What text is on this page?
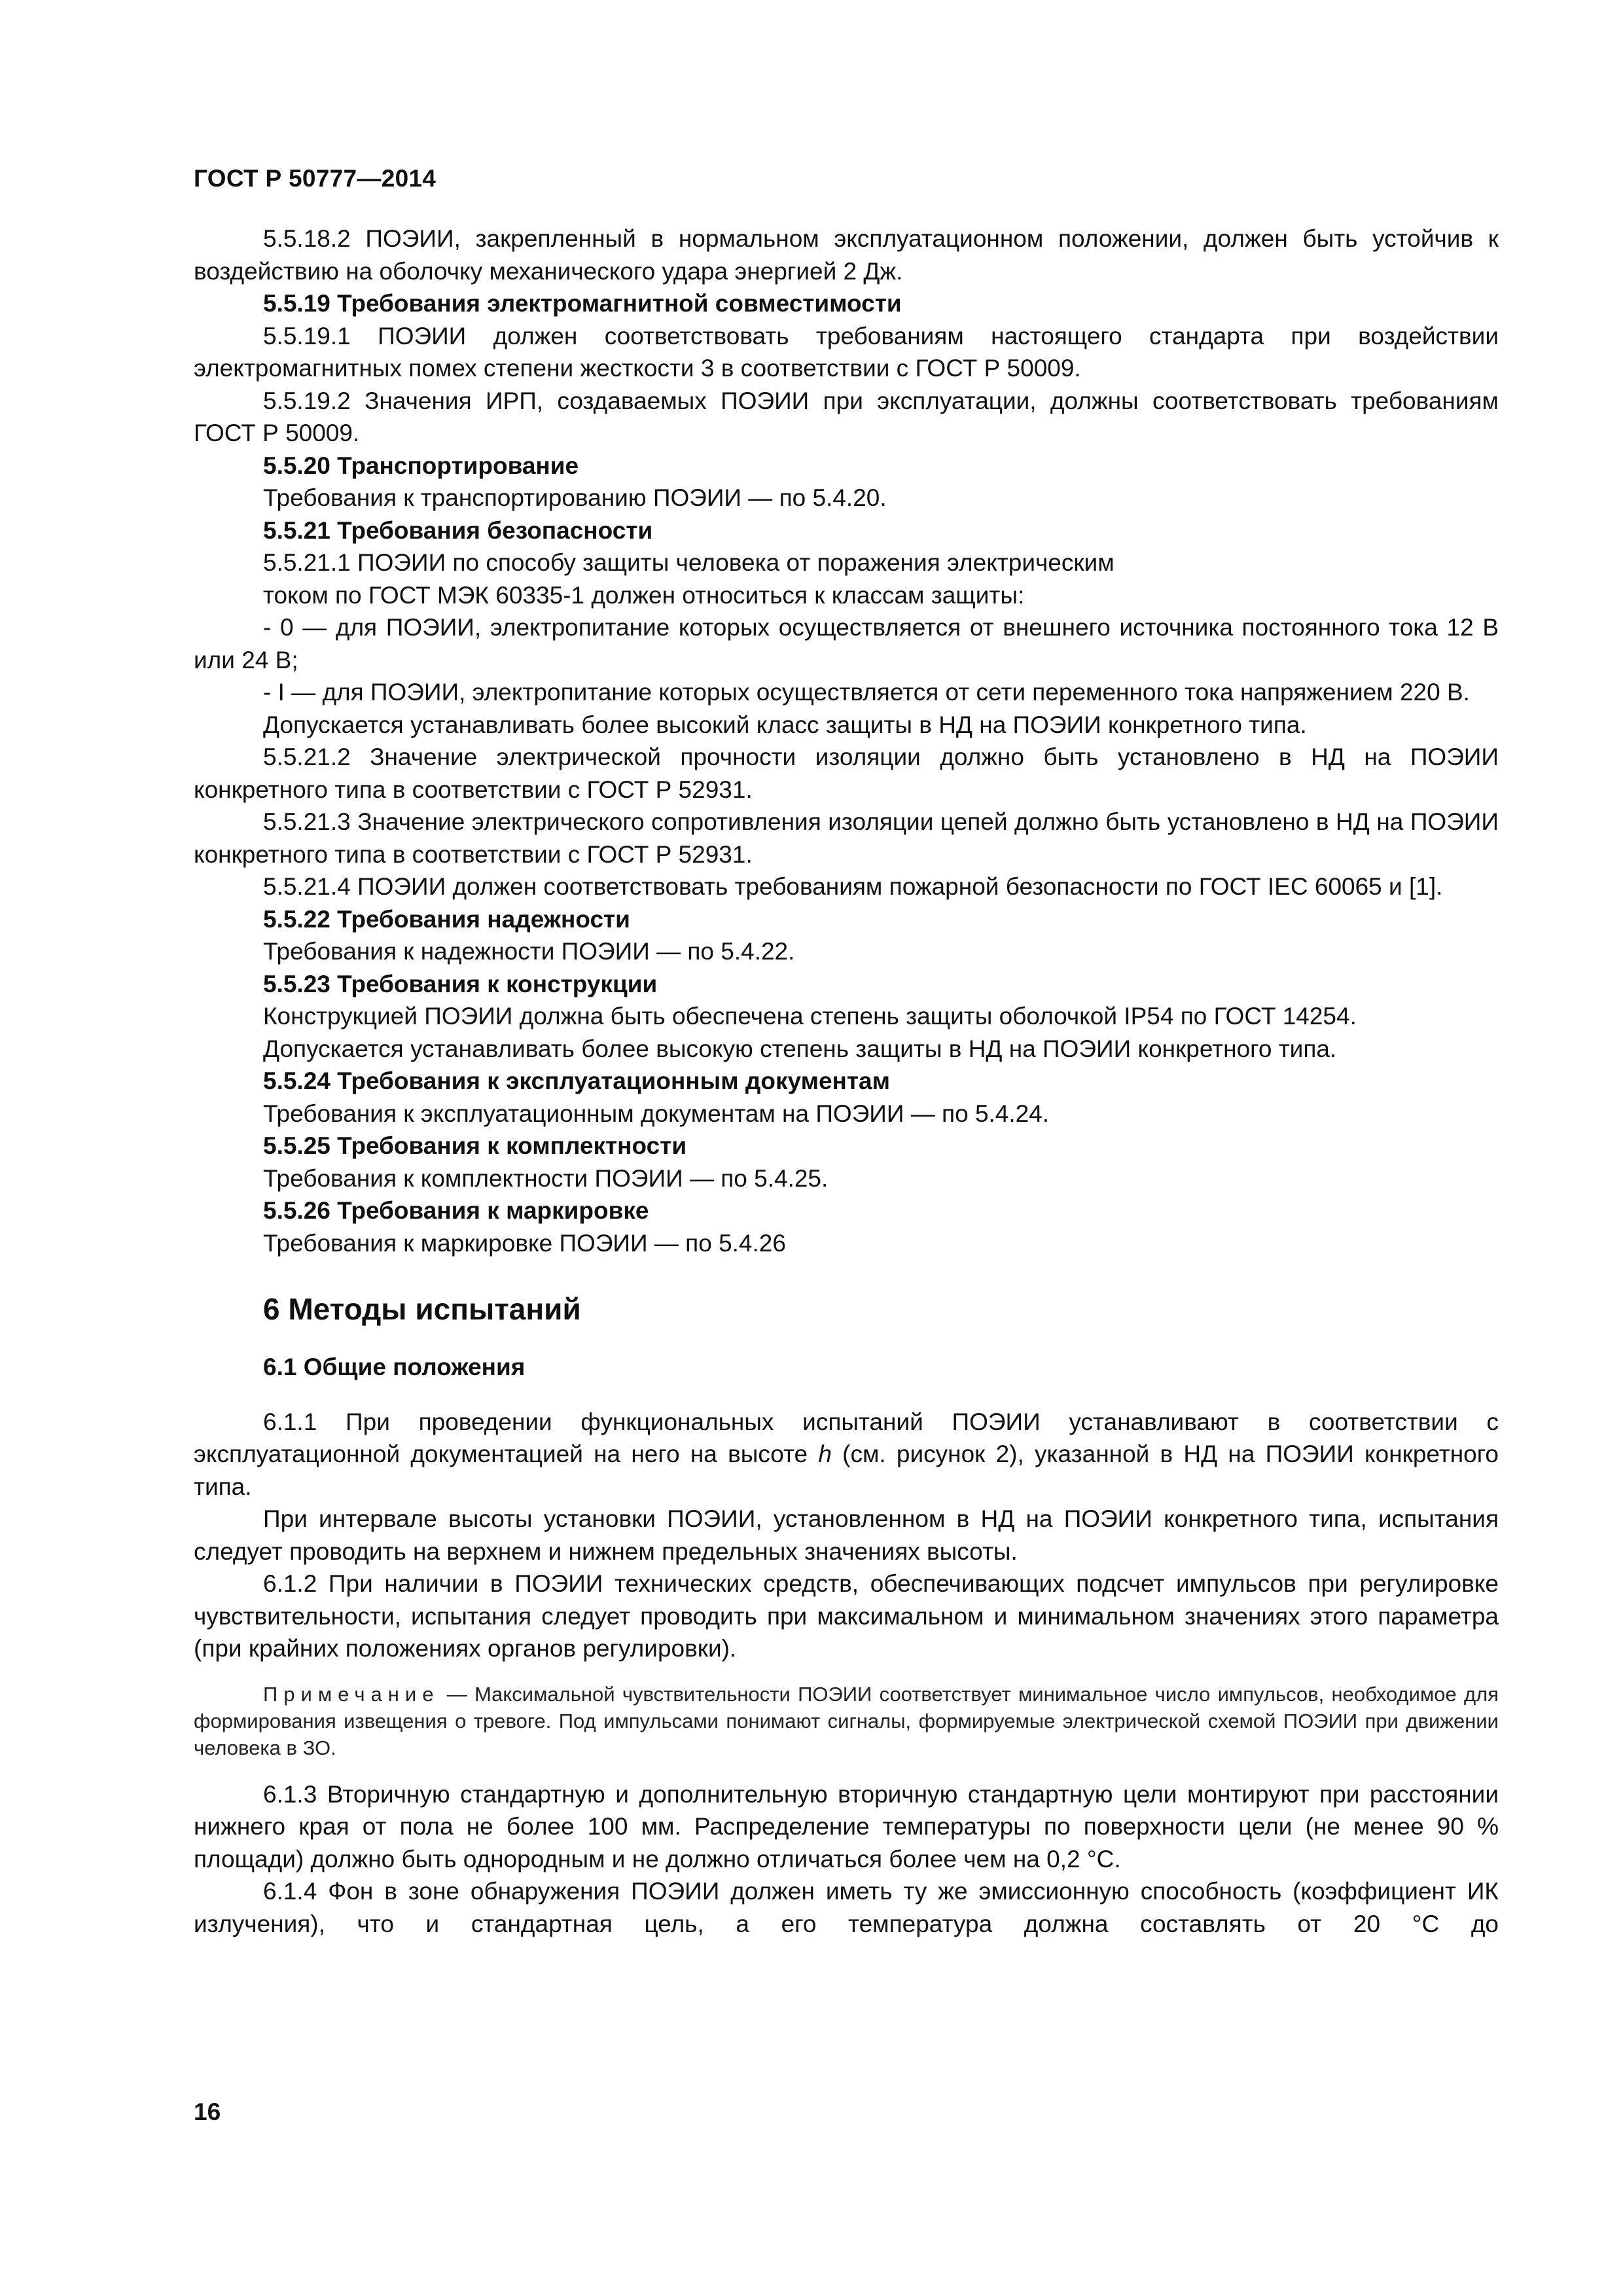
ГОСТ Р 50777—2014

5.5.18.2 ПОЭИИ, закрепленный в нормальном эксплуатационном положении, должен быть устойчив к воздействию на оболочку механического удара энергией 2 Дж.

5.5.19 Требования электромагнитной совместимости

5.5.19.1 ПОЭИИ должен соответствовать требованиям настоящего стандарта при воздействии электромагнитных помех степени жесткости 3 в соответствии с ГОСТ Р 50009.

5.5.19.2 Значения ИРП, создаваемых ПОЭИИ при эксплуатации, должны соответствовать требованиям ГОСТ Р 50009.

5.5.20 Транспортирование

Требования к транспортированию ПОЭИИ — по 5.4.20.

5.5.21 Требования безопасности

5.5.21.1 ПОЭИИ по способу защиты человека от поражения электрическим

током по ГОСТ МЭК 60335-1 должен относиться к классам защиты:

- 0 — для ПОЭИИ, электропитание которых осуществляется от внешнего источника постоянного тока 12 В или 24 В;

- I — для ПОЭИИ, электропитание которых осуществляется от сети переменного тока напряжением 220 В.

Допускается устанавливать более высокий класс защиты в НД на ПОЭИИ конкретного типа.

5.5.21.2 Значение электрической прочности изоляции должно быть установлено в НД на ПОЭИИ конкретного типа в соответствии с ГОСТ Р 52931.

5.5.21.3 Значение электрического сопротивления изоляции цепей должно быть установлено в НД на ПОЭИИ конкретного типа в соответствии с ГОСТ Р 52931.

5.5.21.4 ПОЭИИ должен соответствовать требованиям пожарной безопасности по ГОСТ IEC 60065 и [1].

5.5.22 Требования надежности

Требования к надежности ПОЭИИ — по 5.4.22.

5.5.23 Требования к конструкции

Конструкцией ПОЭИИ должна быть обеспечена степень защиты оболочкой IP54 по ГОСТ 14254.

Допускается устанавливать более высокую степень защиты в НД на ПОЭИИ конкретного типа.

5.5.24 Требования к эксплуатационным документам

Требования к эксплуатационным документам на ПОЭИИ — по 5.4.24.

5.5.25 Требования к комплектности

Требования к комплектности ПОЭИИ — по 5.4.25.

5.5.26 Требования к маркировке

Требования к маркировке ПОЭИИ — по 5.4.26

6 Методы испытаний

6.1 Общие положения

6.1.1 При проведении функциональных испытаний ПОЭИИ устанавливают в соответствии с эксплуатационной документацией на него на высоте h (см. рисунок 2), указанной в НД на ПОЭИИ конкретного типа.

При интервале высоты установки ПОЭИИ, установленном в НД на ПОЭИИ конкретного типа, испытания следует проводить на верхнем и нижнем предельных значениях высоты.

6.1.2 При наличии в ПОЭИИ технических средств, обеспечивающих подсчет импульсов при регулировке чувствительности, испытания следует проводить при максимальном и минимальном значениях этого параметра (при крайних положениях органов регулировки).

Примечание — Максимальной чувствительности ПОЭИИ соответствует минимальное число импульсов, необходимое для формирования извещения о тревоге. Под импульсами понимают сигналы, формируемые электрической схемой ПОЭИИ при движении человека в ЗО.

6.1.3 Вторичную стандартную и дополнительную вторичную стандартную цели монтируют при расстоянии нижнего края от пола не более 100 мм. Распределение температуры по поверхности цели (не менее 90 % площади) должно быть однородным и не должно отличаться более чем на 0,2 °С.

6.1.4 Фон в зоне обнаружения ПОЭИИ должен иметь ту же эмиссионную способность (коэффициент ИК излучения), что и стандартная цель, а его температура должна составлять от 20 °С до

16
